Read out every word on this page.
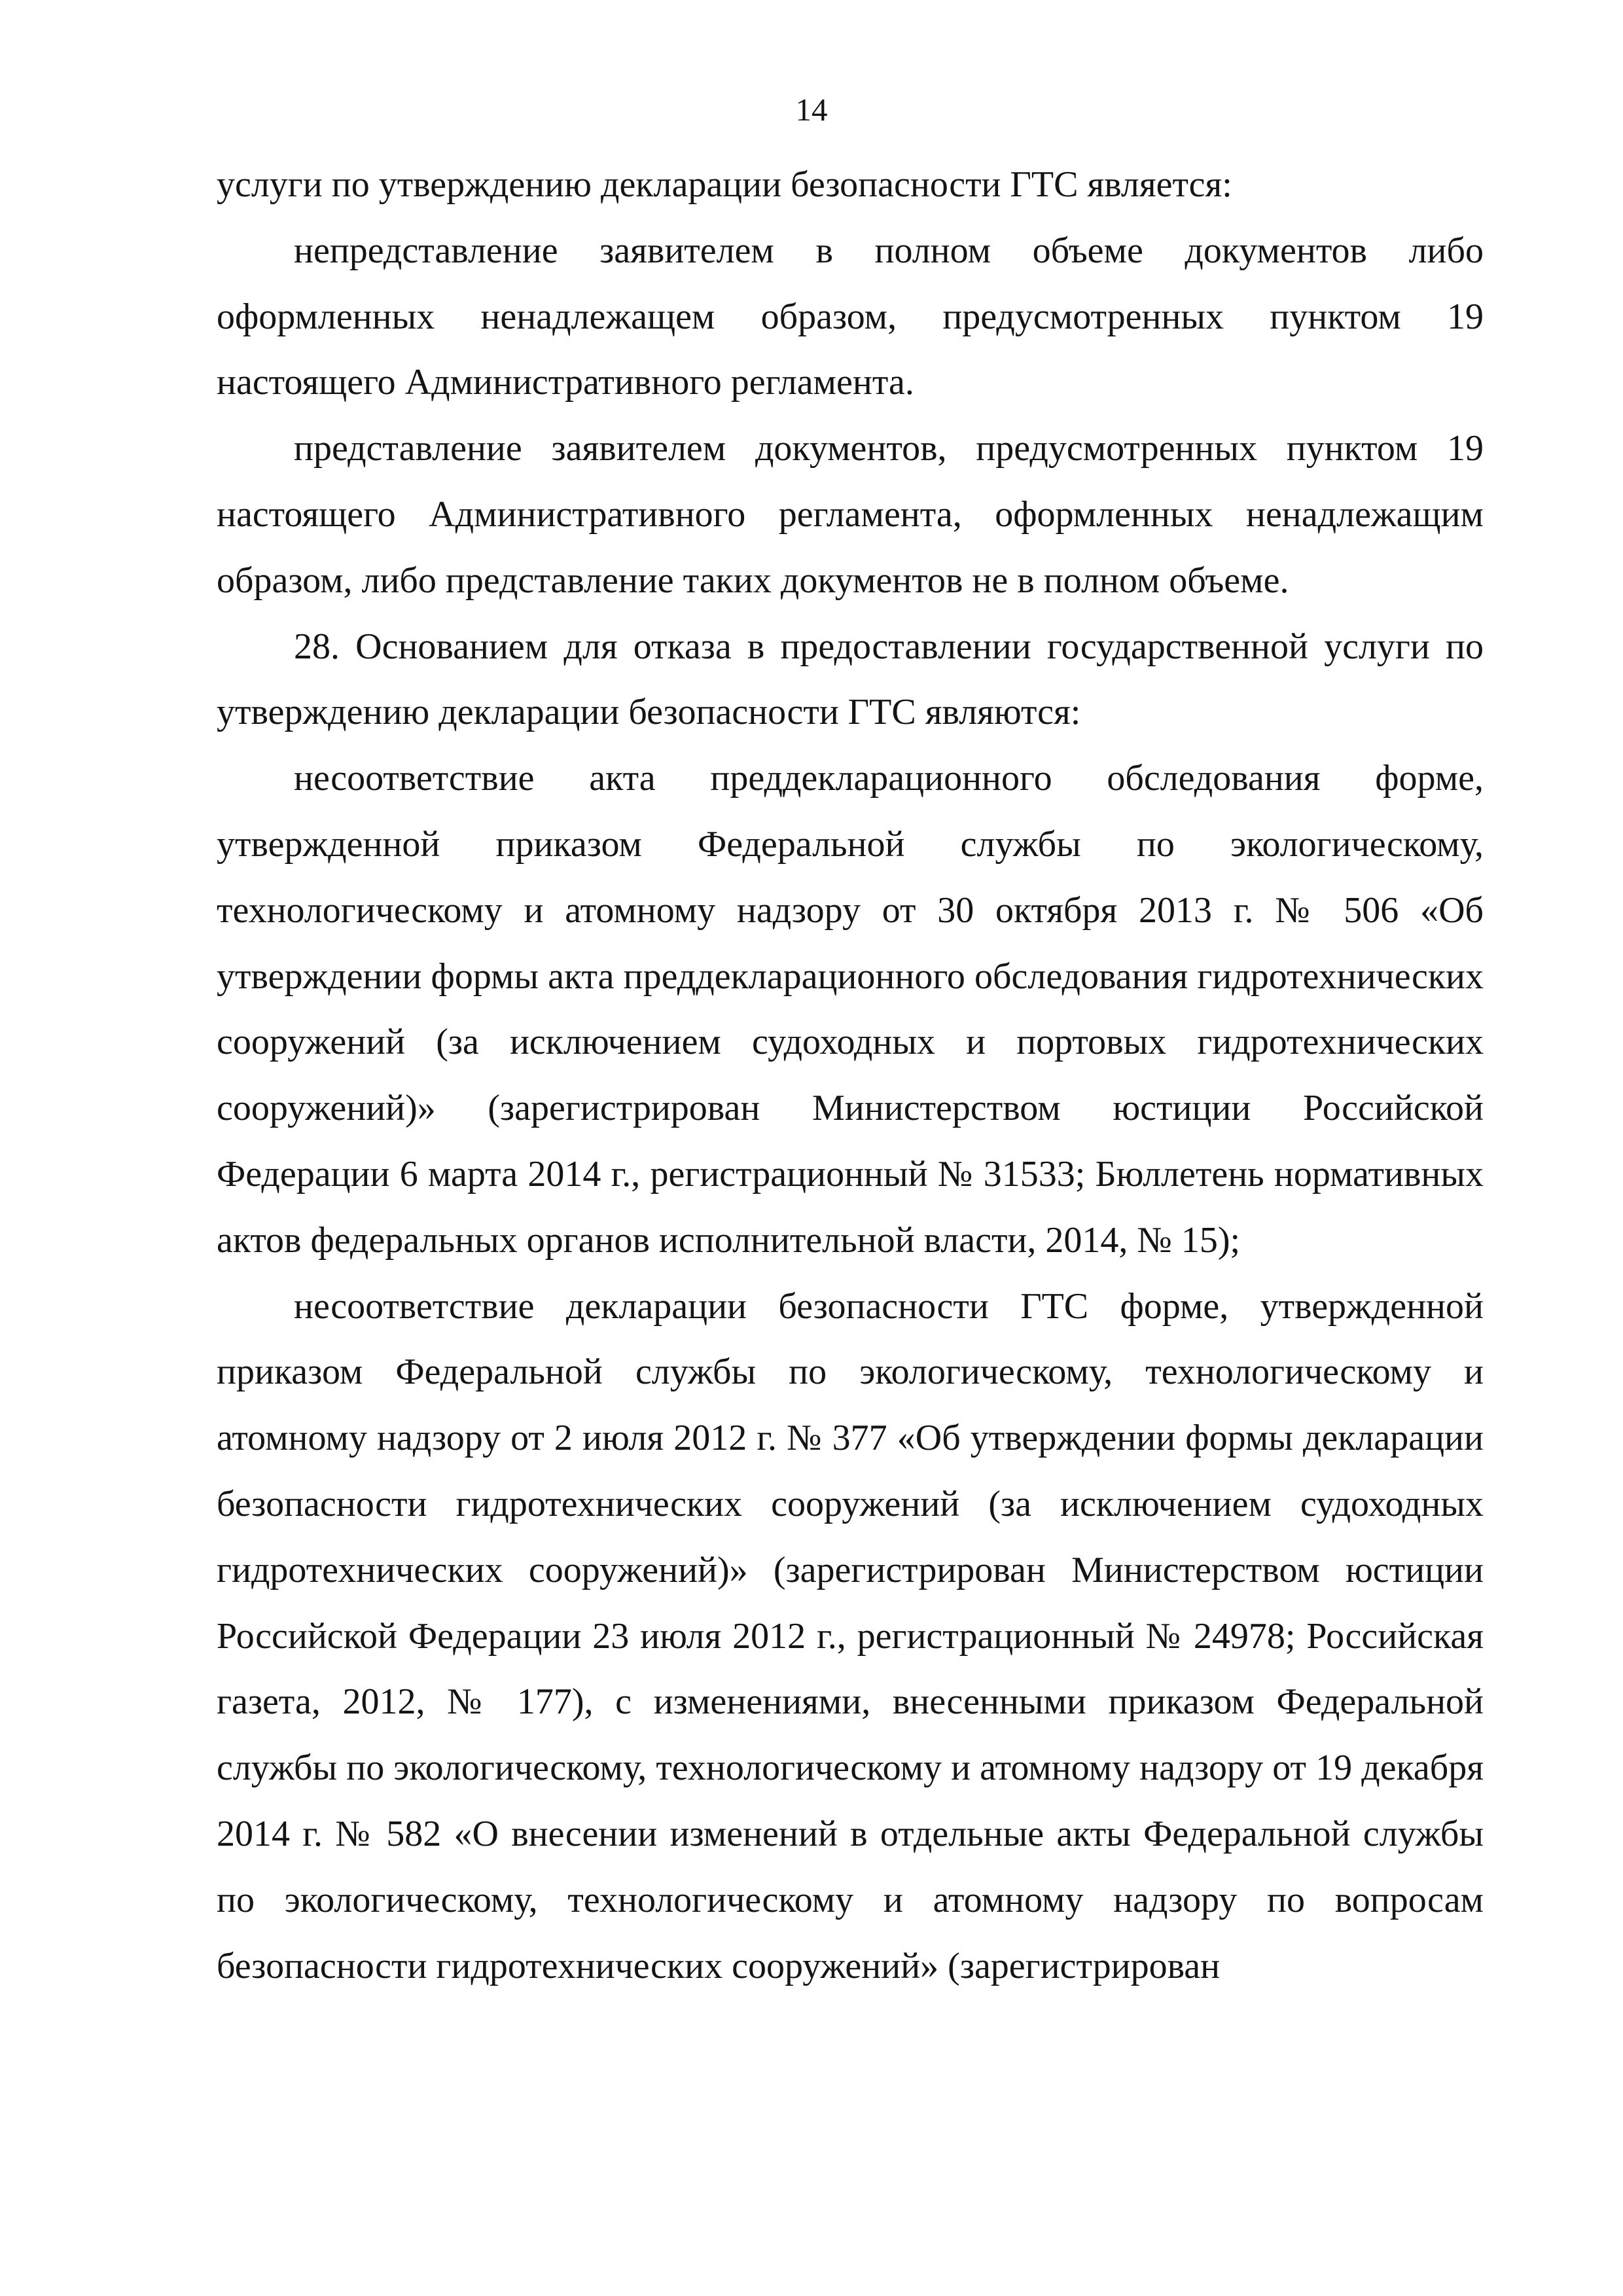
14

услуги по утверждению декларации безопасности ГТС является:

непредставление заявителем в полном объеме документов либо оформленных ненадлежащем образом, предусмотренных пунктом 19 настоящего Административного регламента.

представление заявителем документов, предусмотренных пунктом 19 настоящего Административного регламента, оформленных ненадлежащим образом, либо представление таких документов не в полном объеме.

28. Основанием для отказа в предоставлении государственной услуги по утверждению декларации безопасности ГТС являются:

несоответствие акта преддекларационного обследования форме, утвержденной приказом Федеральной службы по экологическому, технологическому и атомному надзору от 30 октября 2013 г. № 506 «Об утверждении формы акта преддекларационного обследования гидротехнических сооружений (за исключением судоходных и портовых гидротехнических сооружений)» (зарегистрирован Министерством юстиции Российской Федерации 6 марта 2014 г., регистрационный № 31533; Бюллетень нормативных актов федеральных органов исполнительной власти, 2014, № 15);

несоответствие декларации безопасности ГТС форме, утвержденной приказом Федеральной службы по экологическому, технологическому и атомному надзору от 2 июля 2012 г. № 377 «Об утверждении формы декларации безопасности гидротехнических сооружений (за исключением судоходных гидротехнических сооружений)» (зарегистрирован Министерством юстиции Российской Федерации 23 июля 2012 г., регистрационный № 24978; Российская газета, 2012, № 177), с изменениями, внесенными приказом Федеральной службы по экологическому, технологическому и атомному надзору от 19 декабря 2014 г. № 582 «О внесении изменений в отдельные акты Федеральной службы по экологическому, технологическому и атомному надзору по вопросам безопасности гидротехнических сооружений» (зарегистрирован
